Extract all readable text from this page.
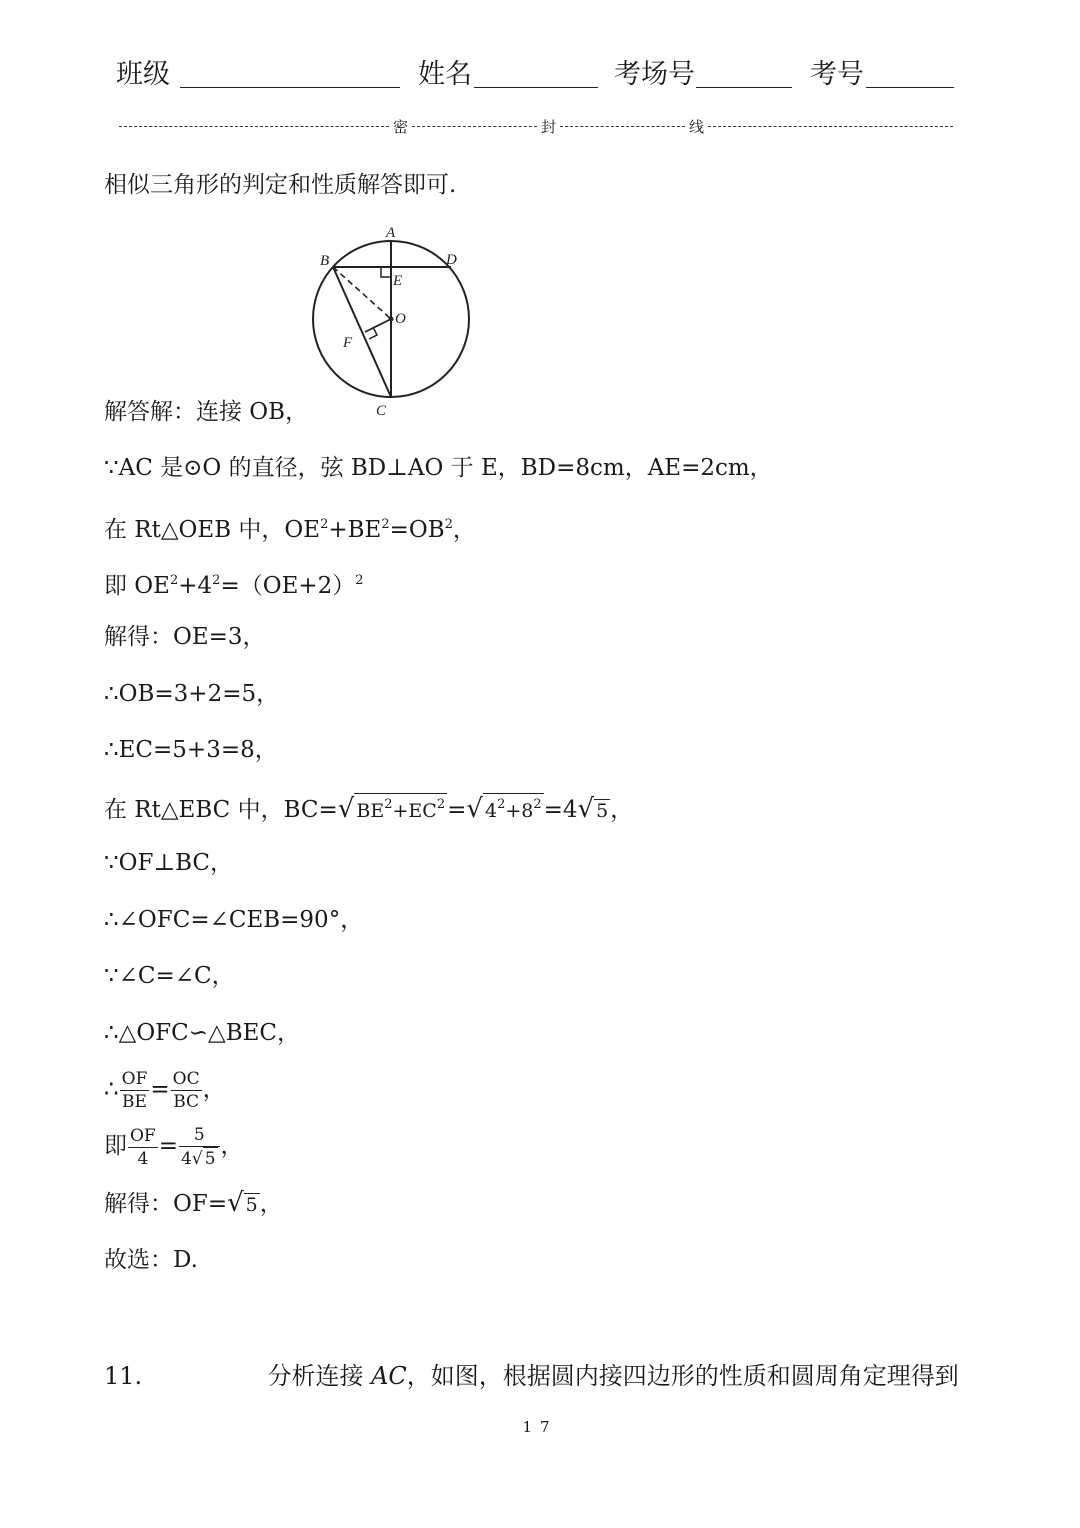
班级	姓名	考场号	考号
密	封	线
相似三角形的判定和性质解答即可.
A
B	D
E
O
F
C
解答解：连接 OB，
∵AC 是⊙O 的直径，弦 BD⊥AO 于 E，BD=8cm，AE=2cm，
在 Rt△OEB 中，$OE^2+BE^2=OB^2$，
即 $OE^2+4^2=(OE+2)^2$
解得：OE=3，
∴OB=3+2=5，
∴EC=5+3=8，
在 Rt△EBC 中，BC=√ $BE^2+EC^2=√$ $4^2+8^2=4√$ 5，
∵OF⊥BC，
∴∠OFC=∠CEB=90°，
∵∠C=∠C，
∴△OFC∽△BEC，
∴ $\frac{OF}{BE} = \frac{OC}{BC}$ ，
即 $\frac{OF}{4} = \frac{5}{4√ 5}$ ，
解得：OF=√ 5，
故选：D.
11.	分析连接 AC，如图，根据圆内接四边形的性质和圆周角定理得到
17
